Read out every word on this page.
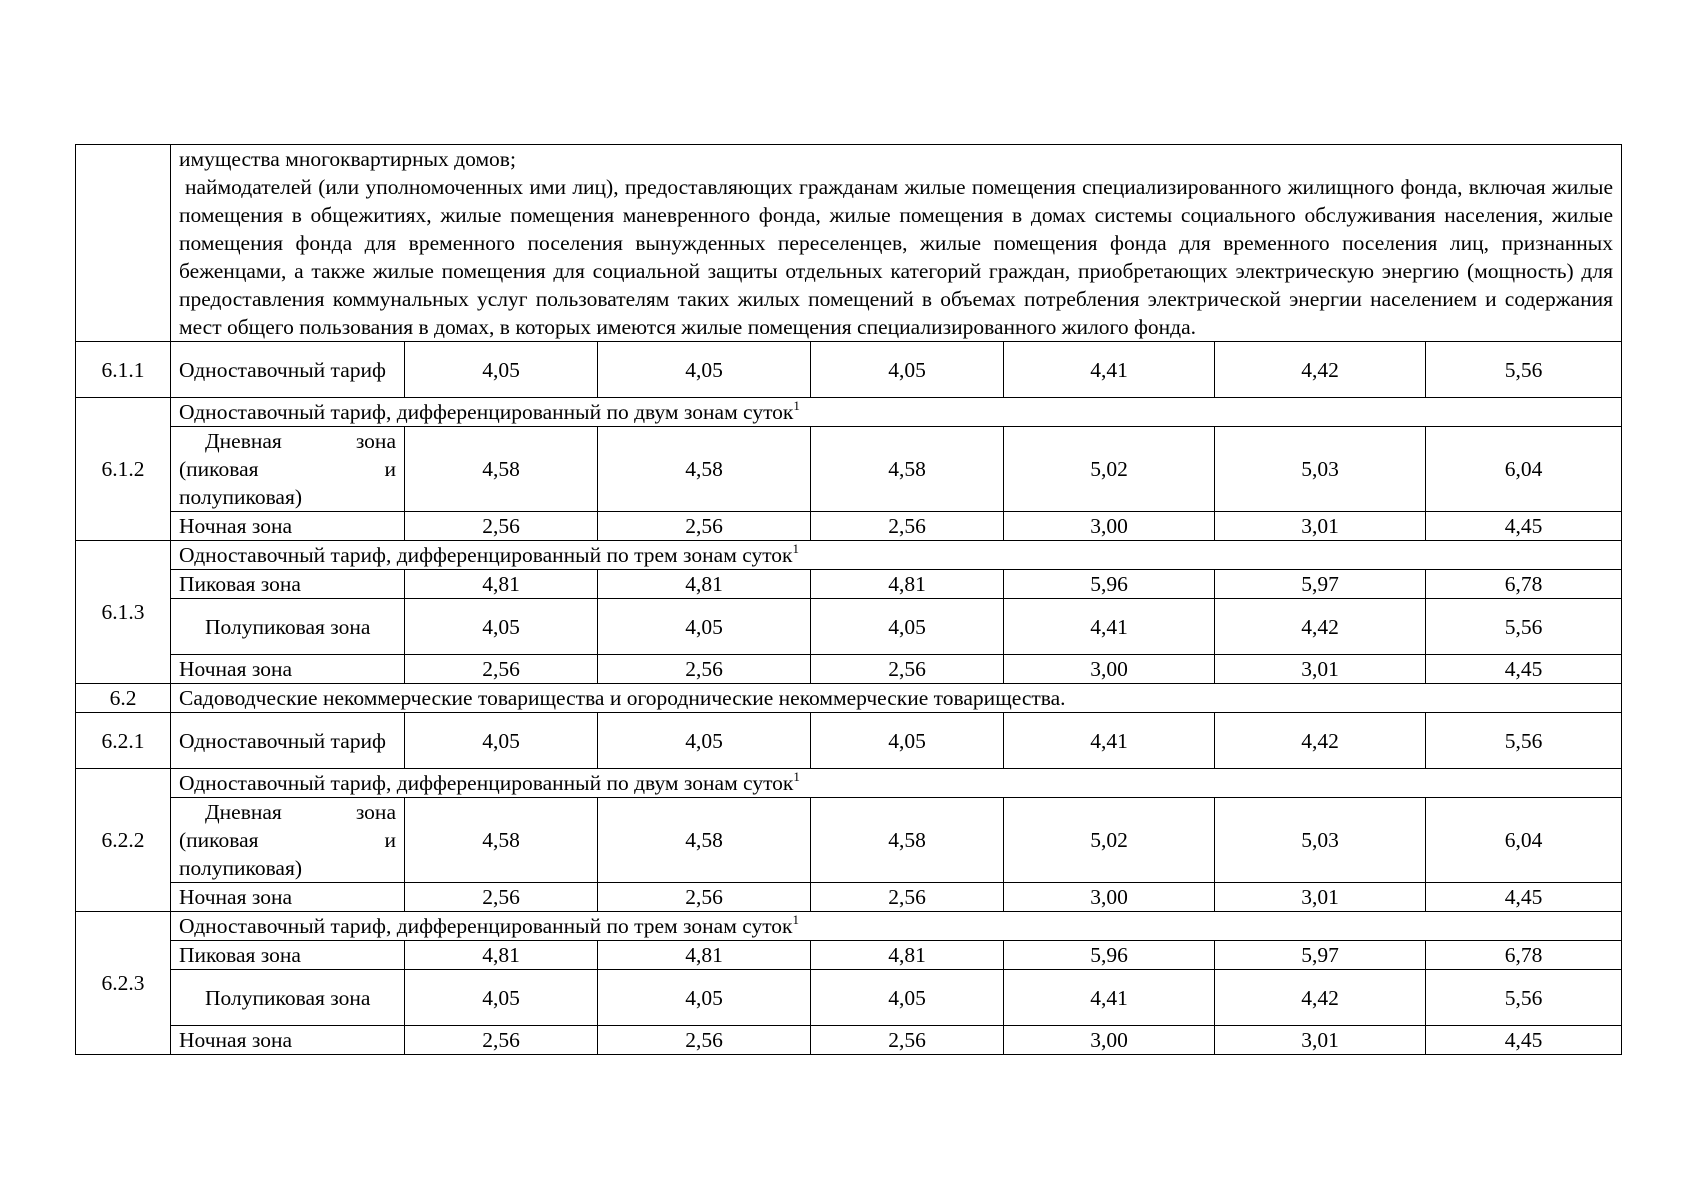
	имущества многоквартирных домов;

наймодателей (или уполномоченных ими лиц), предоставляющих гражданам жилые помещения специализированного жилищного фонда, включая жилые помещения в общежитиях, жилые помещения маневренного фонда, жилые помещения в домах системы социального обслуживания населения, жилые помещения фонда для временного поселения вынужденных переселенцев, жилые помещения фонда для временного поселения лиц, признанных беженцами, а также жилые помещения для социальной защиты отдельных категорий граждан, приобретающих электрическую энергию (мощность) для предоставления коммунальных услуг пользователям таких жилых помещений в объемах потребления электрической энергии населением и содержания мест общего пользования в домах, в которых имеются жилые помещения специализированного жилого фонда.						

6.1.1	Одноставочный тариф	4,05	4,05	4,05	4,41	4,42	5,56
6.1.2	Одноставочный тариф, дифференцированный по двум зонам суток$^1$

	Дневная зона (пиковая и полупиковая)	4,58	4,58	4,58	5,02	5,03	6,04
	Ночная зона	2,56	2,56	2,56	3,00	3,01	4,45
6.1.3	Одноставочный тариф, дифференцированный по трем зонам суток$^1$
	Пиковая зона	4,81	4,81	4,81	5,96	5,97	6,78

	Полупиковая зона	4,05	4,05	4,05	4,41	4,42	5,56
	Ночная зона	2,56	2,56	2,56	3,00	3,01	4,45
6.2	Садоводческие некоммерческие товарищества и огороднические некоммерческие товарищества.						
6.2.1	Одноставочный тариф	4,05	4,05	4,05	4,41	4,42	5,56
6.2.2	Одноставочный тариф, дифференцированный по двум зонам суток$^1$

	Дневная зона (пиковая и полупиковая)	4,58	4,58	4,58	5,02	5,03	6,04
	Ночная зона	2,56	2,56	2,56	3,00	3,01	4,45
6.2.3	Одноставочный тариф, дифференцированный по трем зонам суток$^1$
	Пиковая зона	4,81	4,81	4,81	5,96	5,97	6,78

	Полупиковая зона	4,05	4,05	4,05	4,41	4,42	5,56
	Ночная зона	2,56	2,56	2,56	3,00	3,01	4,45
